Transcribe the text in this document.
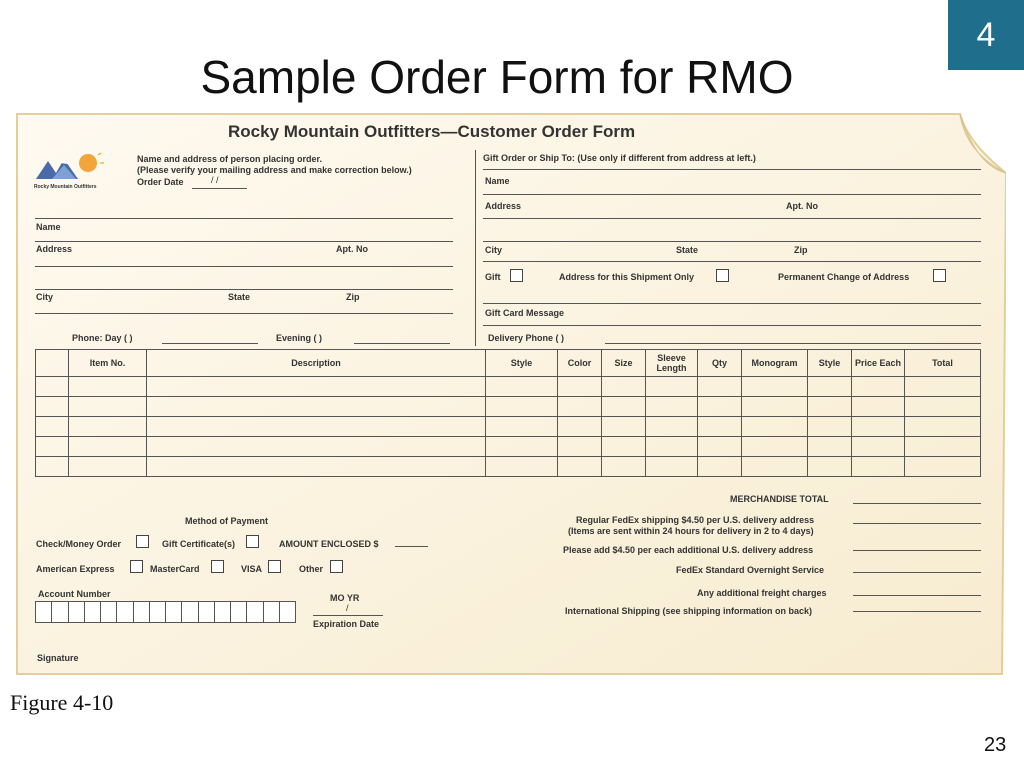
4
Sample Order Form for RMO
Rocky Mountain Outfitters—Customer Order Form
Rocky Mountain Outfitters
Name and address of person placing order.
(Please verify your mailing address and make correction below.)
Order Date	/ /
Name
Address	Apt. No
City	State	Zip
Phone: Day ( )	Evening ( )
Gift Order or Ship To: (Use only if different from address at left.)
Name
Address	Apt. No
City	State	Zip
Gift	Address for this Shipment Only	Permanent Change of Address
Gift Card Message
Delivery Phone ( )
	Item No.	Description	Style	Color	Size	Sleeve Length	Qty	Monogram	Style	Price Each	Total

Method of Payment
Check/Money Order	Gift Certificate(s)	AMOUNT ENCLOSED $
American Express	MasterCard	VISA	Other
Account Number	MO YR
/
Expiration Date
Signature
MERCHANDISE TOTAL
Regular FedEx shipping $4.50 per U.S. delivery address
(Items are sent within 24 hours for delivery in 2 to 4 days)
Please add $4.50 per each additional U.S. delivery address
FedEx Standard Overnight Service
Any additional freight charges
International Shipping (see shipping information on back)
Figure 4-10
23
